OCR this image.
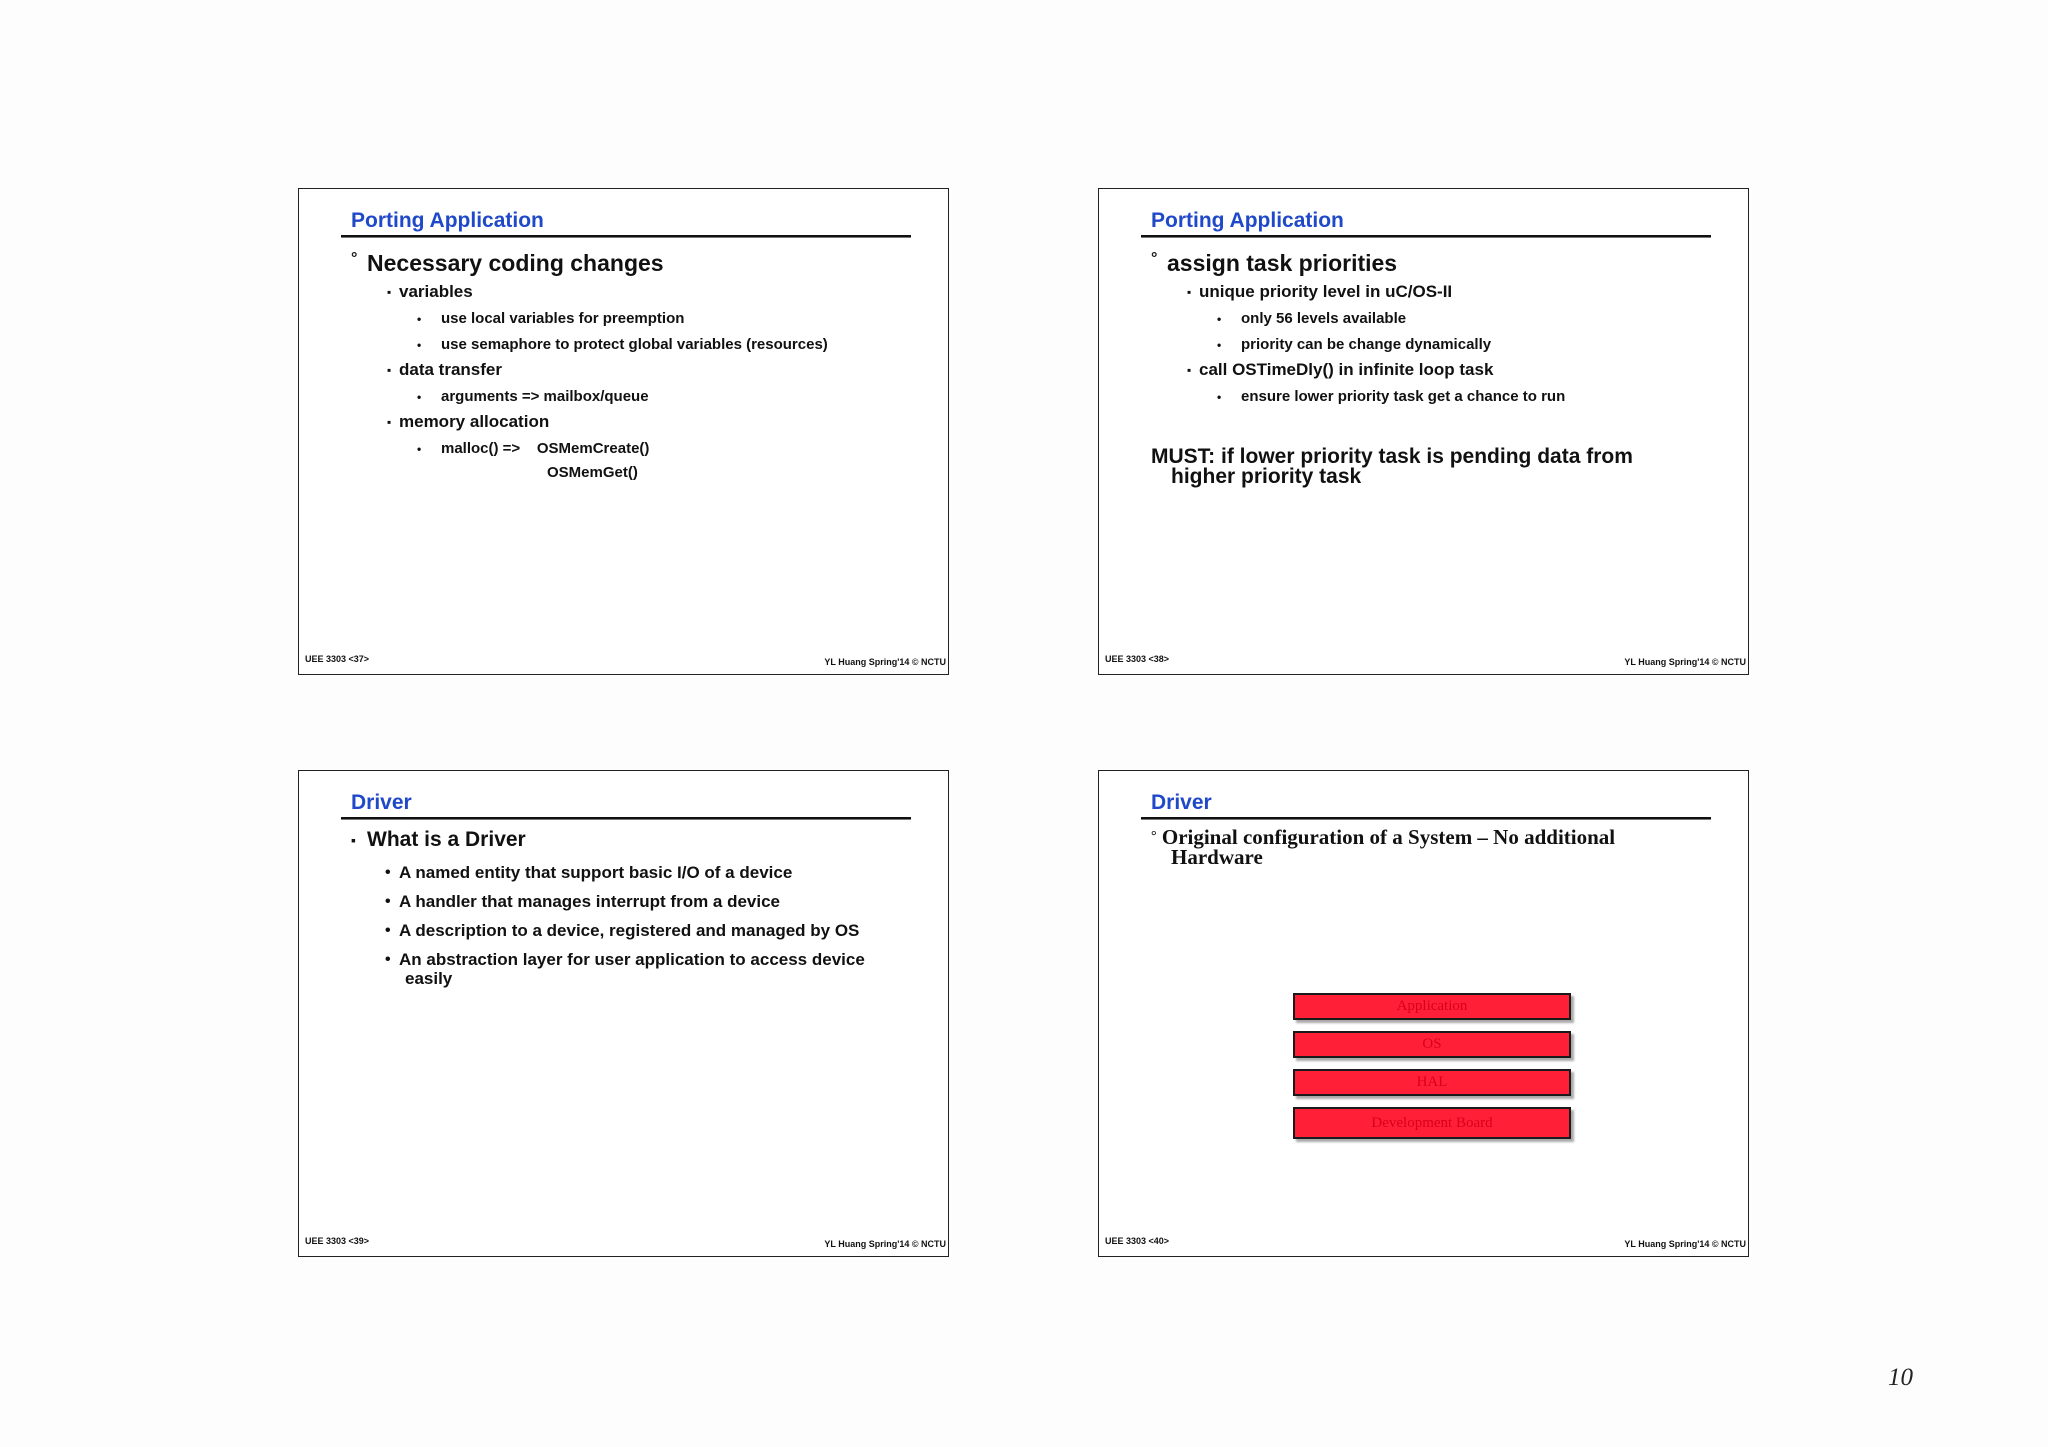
Porting Application
° Necessary coding changes
▪ variables
• use local variables for preemption
• use semaphore to protect global variables (resources)
▪ data transfer
• arguments => mailbox/queue
▪ memory allocation
• malloc() =>    OSMemCreate()
OSMemGet()
UEE 3303 <37>	YL Huang Spring'14 © NCTU
Porting Application
° assign task priorities
▪ unique priority level in uC/OS-II
• only 56 levels available
• priority can be change dynamically
▪ call OSTimeDly() in infinite loop task
• ensure lower priority task get a chance to run
MUST: if lower priority task is pending data from
higher priority task
UEE 3303 <38>	YL Huang Spring'14 © NCTU
Driver
▪ What is a Driver
• A named entity that support basic I/O of a device
• A handler that manages interrupt from a device
• A description to a device, registered and managed by OS
• An abstraction layer for user application to access device
easily
UEE 3303 <39>	YL Huang Spring'14 © NCTU
Driver
° Original configuration of a System – No additional
Hardware
Application
OS
HAL
Development Board
UEE 3303 <40>	YL Huang Spring'14 © NCTU
10
